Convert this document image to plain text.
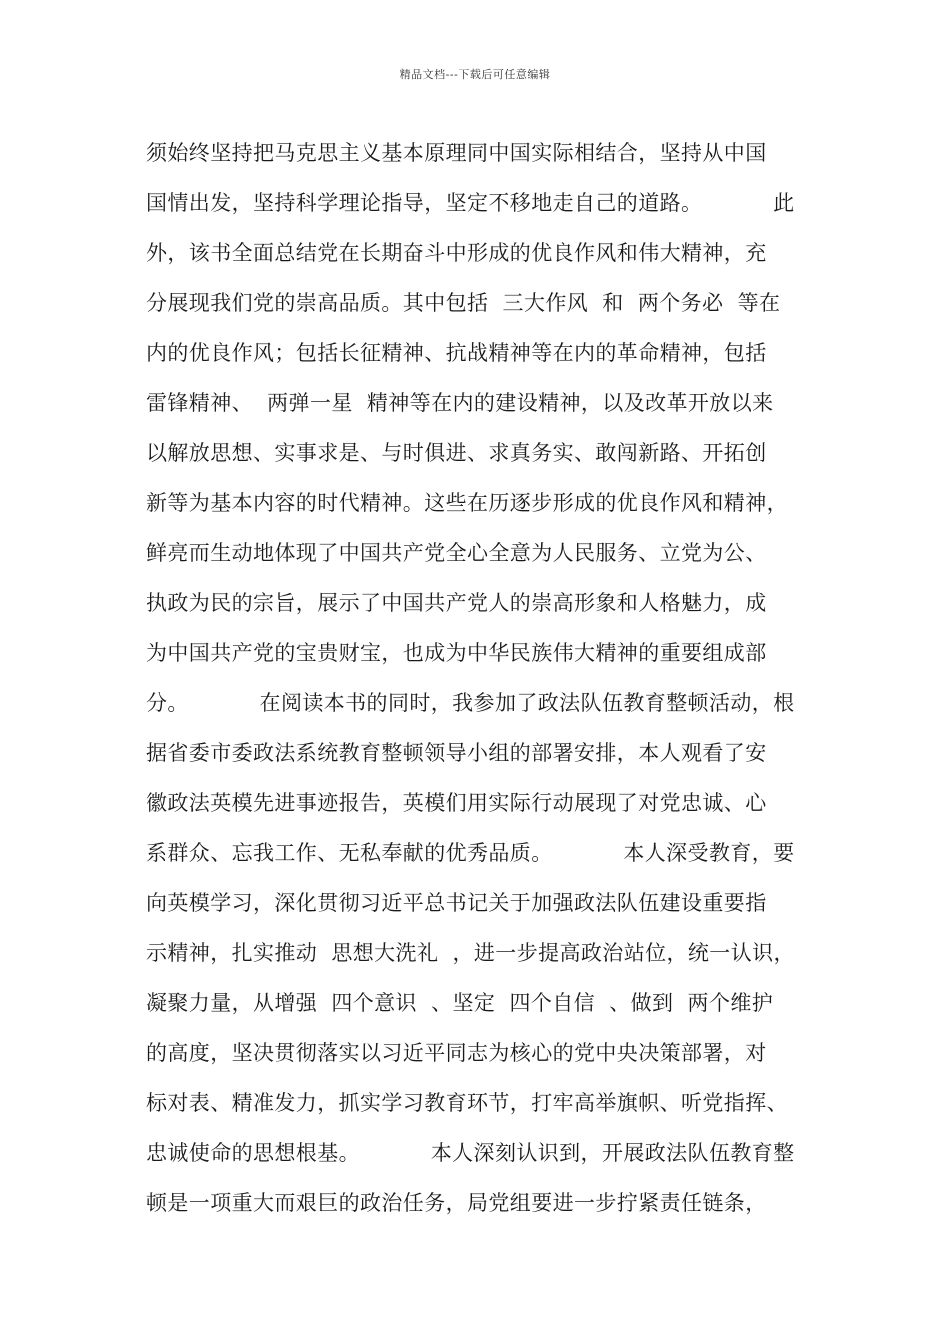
精品文档---下载后可任意编辑
须始终坚持把马克思主义基本原理同中国实际相结合，坚持从中国
国情出发，坚持科学理论指导，坚定不移地走自己的道路。          此
外，该书全面总结党在长期奋斗中形成的优良作风和伟大精神，充
分展现我们党的崇高品质。其中包括  三大作风  和  两个务必  等在
内的优良作风；包括长征精神、抗战精神等在内的革命精神，包括
雷锋精神、  两弹一星  精神等在内的建设精神，以及改革开放以来
以解放思想、实事求是、与时俱进、求真务实、敢闯新路、开拓创
新等为基本内容的时代精神。这些在历逐步形成的优良作风和精神，
鲜亮而生动地体现了中国共产党全心全意为人民服务、立党为公、
执政为民的宗旨，展示了中国共产党人的崇高形象和人格魅力，成
为中国共产党的宝贵财宝，也成为中华民族伟大精神的重要组成部
分。          在阅读本书的同时，我参加了政法队伍教育整顿活动，根
据省委市委政法系统教育整顿领导小组的部署安排，本人观看了安
徽政法英模先进事迹报告，英模们用实际行动展现了对党忠诚、心
系群众、忘我工作、无私奉献的优秀品质。          本人深受教育，要
向英模学习，深化贯彻习近平总书记关于加强政法队伍建设重要指
示精神，扎实推动  思想大洗礼  ，进一步提高政治站位，统一认识，
凝聚力量，从增强  四个意识  、坚定  四个自信  、做到  两个维护
的高度，坚决贯彻落实以习近平同志为核心的党中央决策部署，对
标对表、精准发力，抓实学习教育环节，打牢高举旗帜、听党指挥、
忠诚使命的思想根基。          本人深刻认识到，开展政法队伍教育整
顿是一项重大而艰巨的政治任务，局党组要进一步拧紧责任链条，
